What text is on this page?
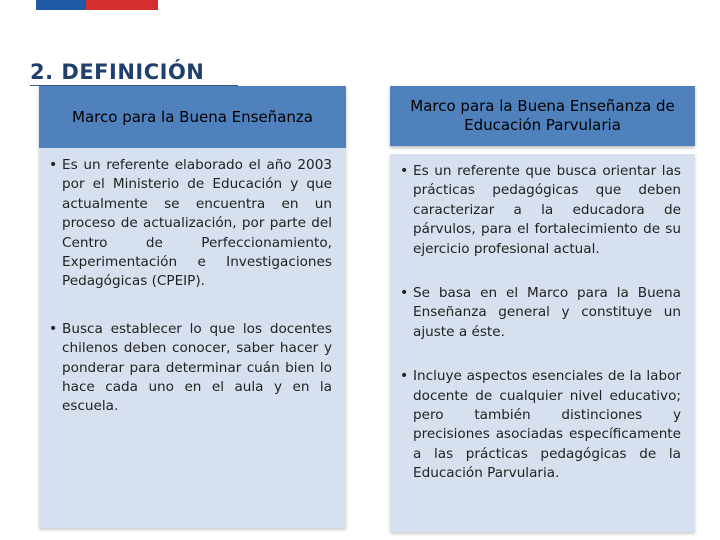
2. DEFINICIÓN
Marco para la Buena Enseñanza
• Es un referente elaborado el año 2003 por el Ministerio de Educación y que actualmente se encuentra en un proceso de actualización, por parte del Centro de Perfeccionamiento, Experimentación e Investigaciones Pedagógicas (CPEIP).
• Busca establecer lo que los docentes chilenos deben conocer, saber hacer y ponderar para determinar cuán bien lo hace cada uno en el aula y en la escuela.
Marco para la Buena Enseñanza de Educación Parvularia
• Es un referente que busca orientar las prácticas pedagógicas que deben caracterizar a la educadora de párvulos, para el fortalecimiento de su ejercicio profesional actual.
• Se basa en el Marco para la Buena Enseñanza general y constituye un ajuste a éste.
• Incluye aspectos esenciales de la labor docente de cualquier nivel educativo; pero también distinciones y precisiones asociadas específicamente a las prácticas pedagógicas de la Educación Parvularia.
